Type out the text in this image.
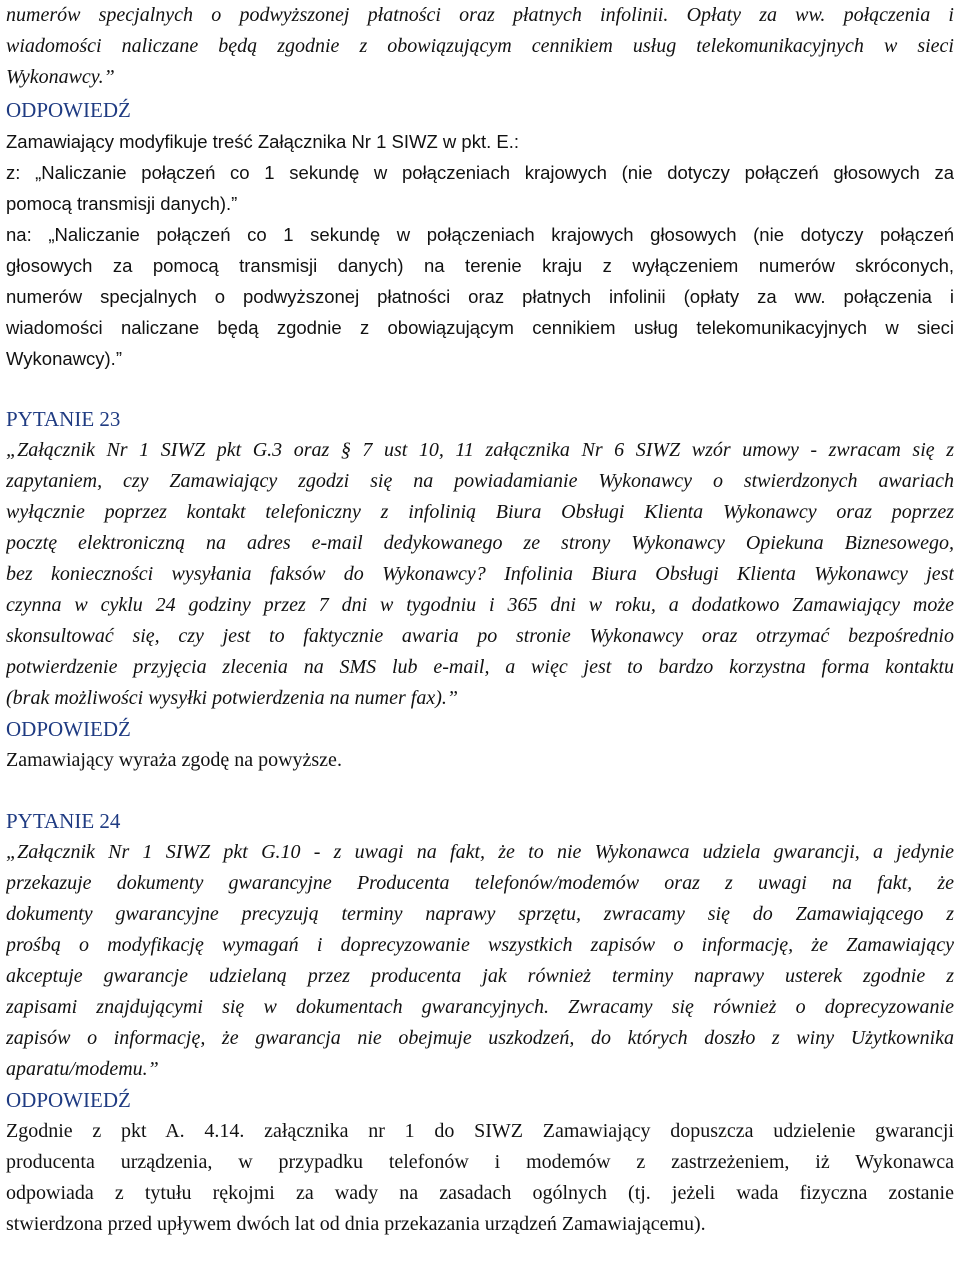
numerów specjalnych o podwyższonej płatności oraz płatnych infolinii. Opłaty za ww. połączenia i
wiadomości naliczane będą zgodnie z obowiązującym cennikiem usług telekomunikacyjnych w sieci
Wykonawcy.”
ODPOWIEDŹ
Zamawiający modyfikuje treść Załącznika Nr 1 SIWZ w pkt. E.:
z: „Naliczanie połączeń co 1 sekundę w połączeniach krajowych (nie dotyczy połączeń głosowych za
pomocą transmisji danych).”
na: „Naliczanie połączeń co 1 sekundę w połączeniach krajowych głosowych (nie dotyczy połączeń
głosowych za pomocą transmisji danych) na terenie kraju z wyłączeniem numerów skróconych,
numerów specjalnych o podwyższonej płatności oraz płatnych infolinii (opłaty za ww. połączenia i
wiadomości naliczane będą zgodnie z obowiązującym cennikiem usług telekomunikacyjnych w sieci
Wykonawcy).”
PYTANIE 23
„Załącznik Nr 1 SIWZ pkt G.3 oraz § 7 ust 10, 11 załącznika Nr 6 SIWZ wzór umowy - zwracam się z
zapytaniem, czy Zamawiający zgodzi się na powiadamianie Wykonawcy o stwierdzonych awariach
wyłącznie poprzez kontakt telefoniczny z infolinią Biura Obsługi Klienta Wykonawcy oraz poprzez
pocztę elektroniczną na adres e-mail dedykowanego ze strony Wykonawcy Opiekuna Biznesowego,
bez konieczności wysyłania faksów do Wykonawcy? Infolinia Biura Obsługi Klienta Wykonawcy jest
czynna w cyklu 24 godziny przez 7 dni w tygodniu i 365 dni w roku, a dodatkowo Zamawiający może
skonsultować się, czy jest to faktycznie awaria po stronie Wykonawcy oraz otrzymać bezpośrednio
potwierdzenie przyjęcia zlecenia na SMS lub e-mail, a więc jest to bardzo korzystna forma kontaktu
(brak możliwości wysyłki potwierdzenia na numer fax).”
ODPOWIEDŹ
Zamawiający wyraża zgodę na powyższe.
PYTANIE 24
„Załącznik Nr 1 SIWZ pkt G.10 - z uwagi na fakt, że to nie Wykonawca udziela gwarancji, a jedynie
przekazuje dokumenty gwarancyjne Producenta telefonów/modemów oraz z uwagi na fakt, że
dokumenty gwarancyjne precyzują terminy naprawy sprzętu, zwracamy się do Zamawiającego z
prośbą o modyfikację wymagań i doprecyzowanie wszystkich zapisów o informację, że Zamawiający
akceptuje gwarancje udzielaną przez producenta jak również terminy naprawy usterek zgodnie z
zapisami znajdującymi się w dokumentach gwarancyjnych. Zwracamy się również o doprecyzowanie
zapisów o informację, że gwarancja nie obejmuje uszkodzeń, do których doszło z winy Użytkownika
aparatu/modemu.”
ODPOWIEDŹ
Zgodnie z pkt A. 4.14. załącznika nr 1 do SIWZ Zamawiający dopuszcza udzielenie gwarancji
producenta urządzenia, w przypadku telefonów i modemów z zastrzeżeniem, iż Wykonawca
odpowiada z tytułu rękojmi za wady na zasadach ogólnych (tj. jeżeli wada fizyczna zostanie
stwierdzona przed upływem dwóch lat od dnia przekazania urządzeń Zamawiającemu).
